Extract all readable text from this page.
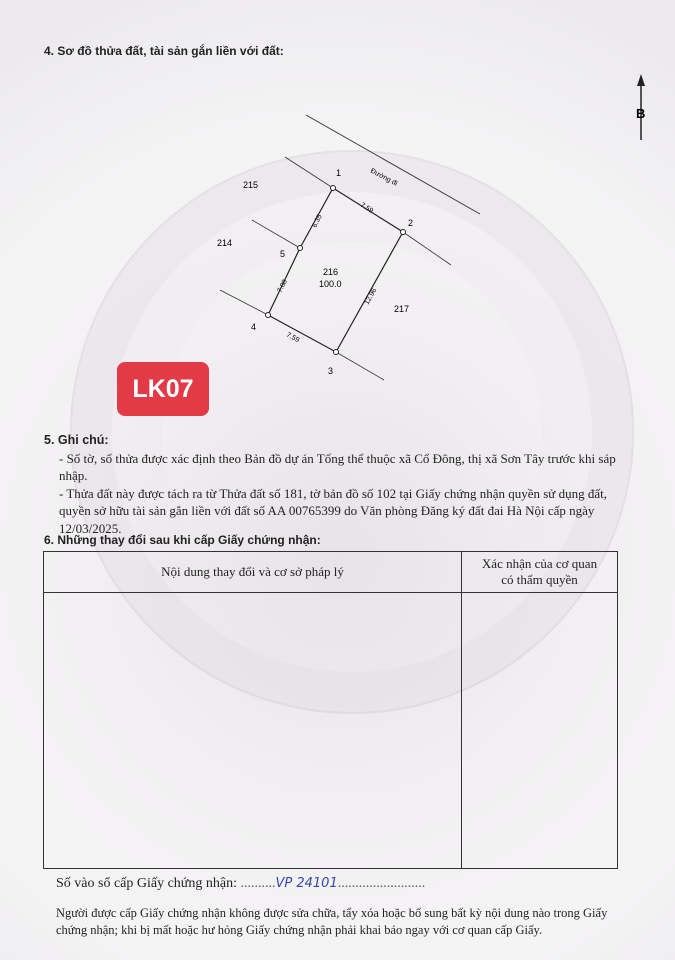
4. Sơ đồ thửa đất, tài sản gắn liền với đất:
B
Đường đi
1
2
3
4
5
7.59
12.96
7.59
7.08
6.35
216
100.0
215
214
217
LK07
5. Ghi chú:

- Số tờ, số thửa được xác định theo Bản đồ dự án Tổng thể thuộc xã Cổ Đông, thị xã Sơn Tây trước khi sáp nhập.

- Thửa đất này được tách ra từ Thửa đất số 181, tờ bản đồ số 102 tại Giấy chứng nhận quyền sử dụng đất, quyền sở hữu tài sản gắn liền với đất số AA 00765399 do Văn phòng Đăng ký đất đai Hà Nội cấp ngày 12/03/2025.

6. Những thay đổi sau khi cấp Giấy chứng nhận:
Nội dung thay đổi và cơ sở pháp lý	Xác nhận của cơ quan có thẩm quyền

Số vào sổ cấp Giấy chứng nhận: ..........VP 24101.........................
Người được cấp Giấy chứng nhận không được sửa chữa, tẩy xóa hoặc bổ sung bất kỳ nội dung nào trong Giấy chứng nhận; khi bị mất hoặc hư hỏng Giấy chứng nhận phải khai báo ngay với cơ quan cấp Giấy.
